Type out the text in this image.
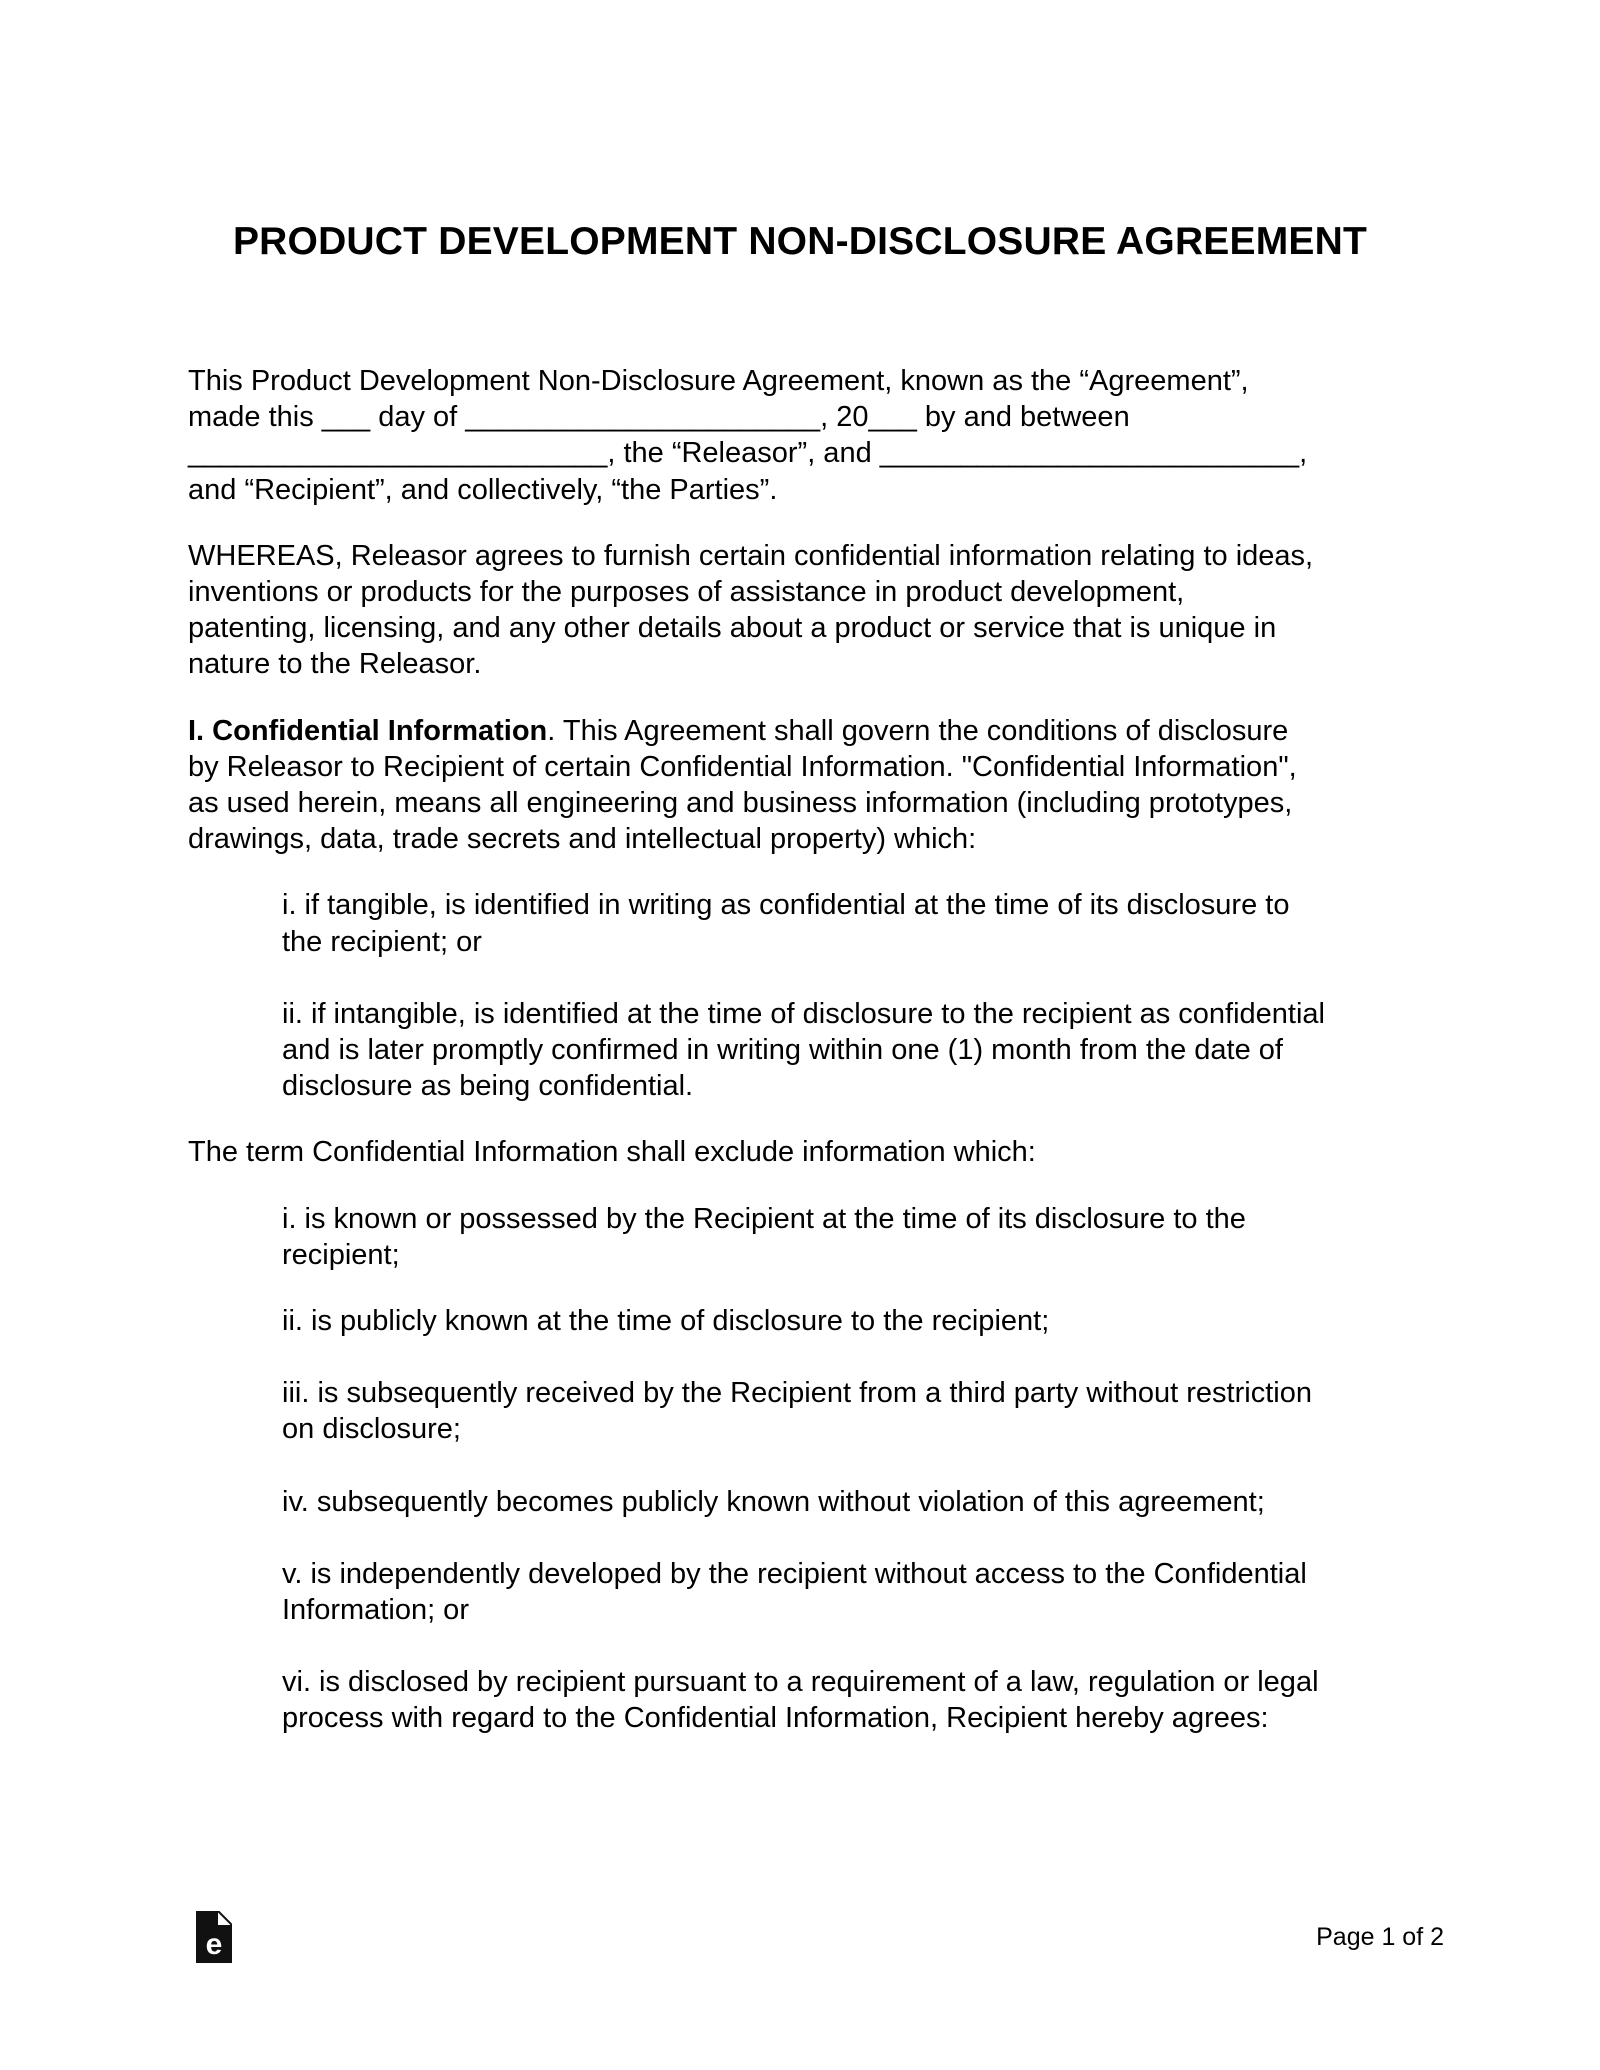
PRODUCT DEVELOPMENT NON-DISCLOSURE AGREEMENT

This Product Development Non-Disclosure Agreement, known as the “Agreement”,
made this ___ day of ______________________, 20___ by and between
__________________________, the “Releasor”, and __________________________,
and “Recipient”, and collectively, “the Parties”.

WHEREAS, Releasor agrees to furnish certain confidential information relating to ideas,
inventions or products for the purposes of assistance in product development,
patenting, licensing, and any other details about a product or service that is unique in
nature to the Releasor.

I. Confidential Information. This Agreement shall govern the conditions of disclosure
by Releasor to Recipient of certain Confidential Information. "Confidential Information",
as used herein, means all engineering and business information (including prototypes,
drawings, data, trade secrets and intellectual property) which:

i. if tangible, is identified in writing as confidential at the time of its disclosure to
the recipient; or

ii. if intangible, is identified at the time of disclosure to the recipient as confidential
and is later promptly confirmed in writing within one (1) month from the date of
disclosure as being confidential.

The term Confidential Information shall exclude information which:

i. is known or possessed by the Recipient at the time of its disclosure to the
recipient;

ii. is publicly known at the time of disclosure to the recipient;

iii. is subsequently received by the Recipient from a third party without restriction
on disclosure;

iv. subsequently becomes publicly known without violation of this agreement;

v. is independently developed by the recipient without access to the Confidential
Information; or

vi. is disclosed by recipient pursuant to a requirement of a law, regulation or legal
process with regard to the Confidential Information, Recipient hereby agrees:

e	Page 1 of 2
